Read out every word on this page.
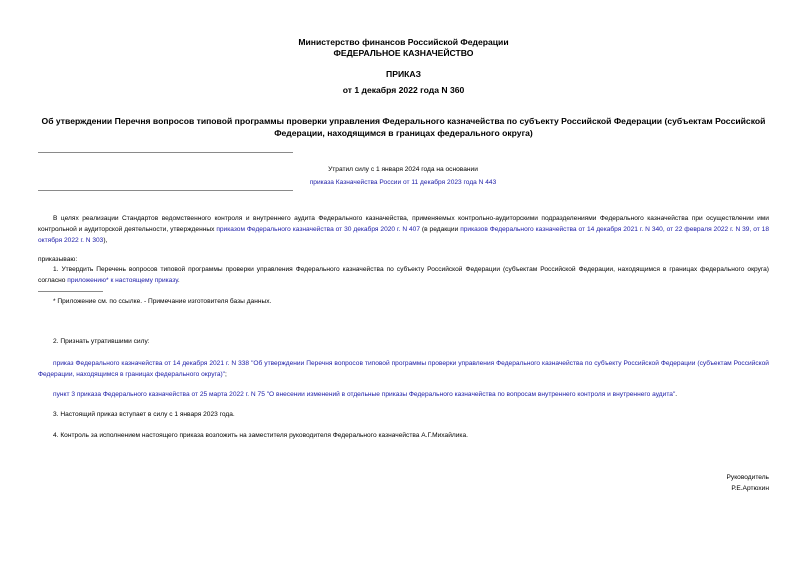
Министерство финансов Российской Федерации
ФЕДЕРАЛЬНОЕ КАЗНАЧЕЙСТВО
ПРИКАЗ
от 1 декабря 2022 года N 360
Об утверждении Перечня вопросов типовой программы проверки управления Федерального казначейства по субъекту Российской Федерации (субъектам Российской Федерации, находящимся в границах федерального округа)
Утратил силу с 1 января 2024 года на основании
приказа Казначейства России от 11 декабря 2023 года N 443
В целях реализации Стандартов ведомственного контроля и внутреннего аудита Федерального казначейства, применяемых контрольно-аудиторскими подразделениями Федерального казначейства при осуществлении ими контрольной и аудиторской деятельности, утвержденных приказом Федерального казначейства от 30 декабря 2020 г. N 407 (в редакции приказов Федерального казначейства от 14 декабря 2021 г. N 340, от 22 февраля 2022 г. N 39, от 18 октября 2022 г. N 303),
приказываю:
1. Утвердить Перечень вопросов типовой программы проверки управления Федерального казначейства по субъекту Российской Федерации (субъектам Российской Федерации, находящимся в границах федерального округа) согласно приложению* к настоящему приказу.
* Приложение см. по ссылке. - Примечание изготовителя базы данных.
2. Признать утратившими силу:
приказ Федерального казначейства от 14 декабря 2021 г. N 338 "Об утверждении Перечня вопросов типовой программы проверки управления Федерального казначейства по субъекту Российской Федерации (субъектам Российской Федерации, находящимся в границах федерального округа)";
пункт 3 приказа Федерального казначейства от 25 марта 2022 г. N 75 "О внесении изменений в отдельные приказы Федерального казначейства по вопросам внутреннего контроля и внутреннего аудита".
3. Настоящий приказ вступает в силу с 1 января 2023 года.
4. Контроль за исполнением настоящего приказа возложить на заместителя руководителя Федерального казначейства А.Г.Михайлика.
Руководитель
Р.Е.Артюхин
